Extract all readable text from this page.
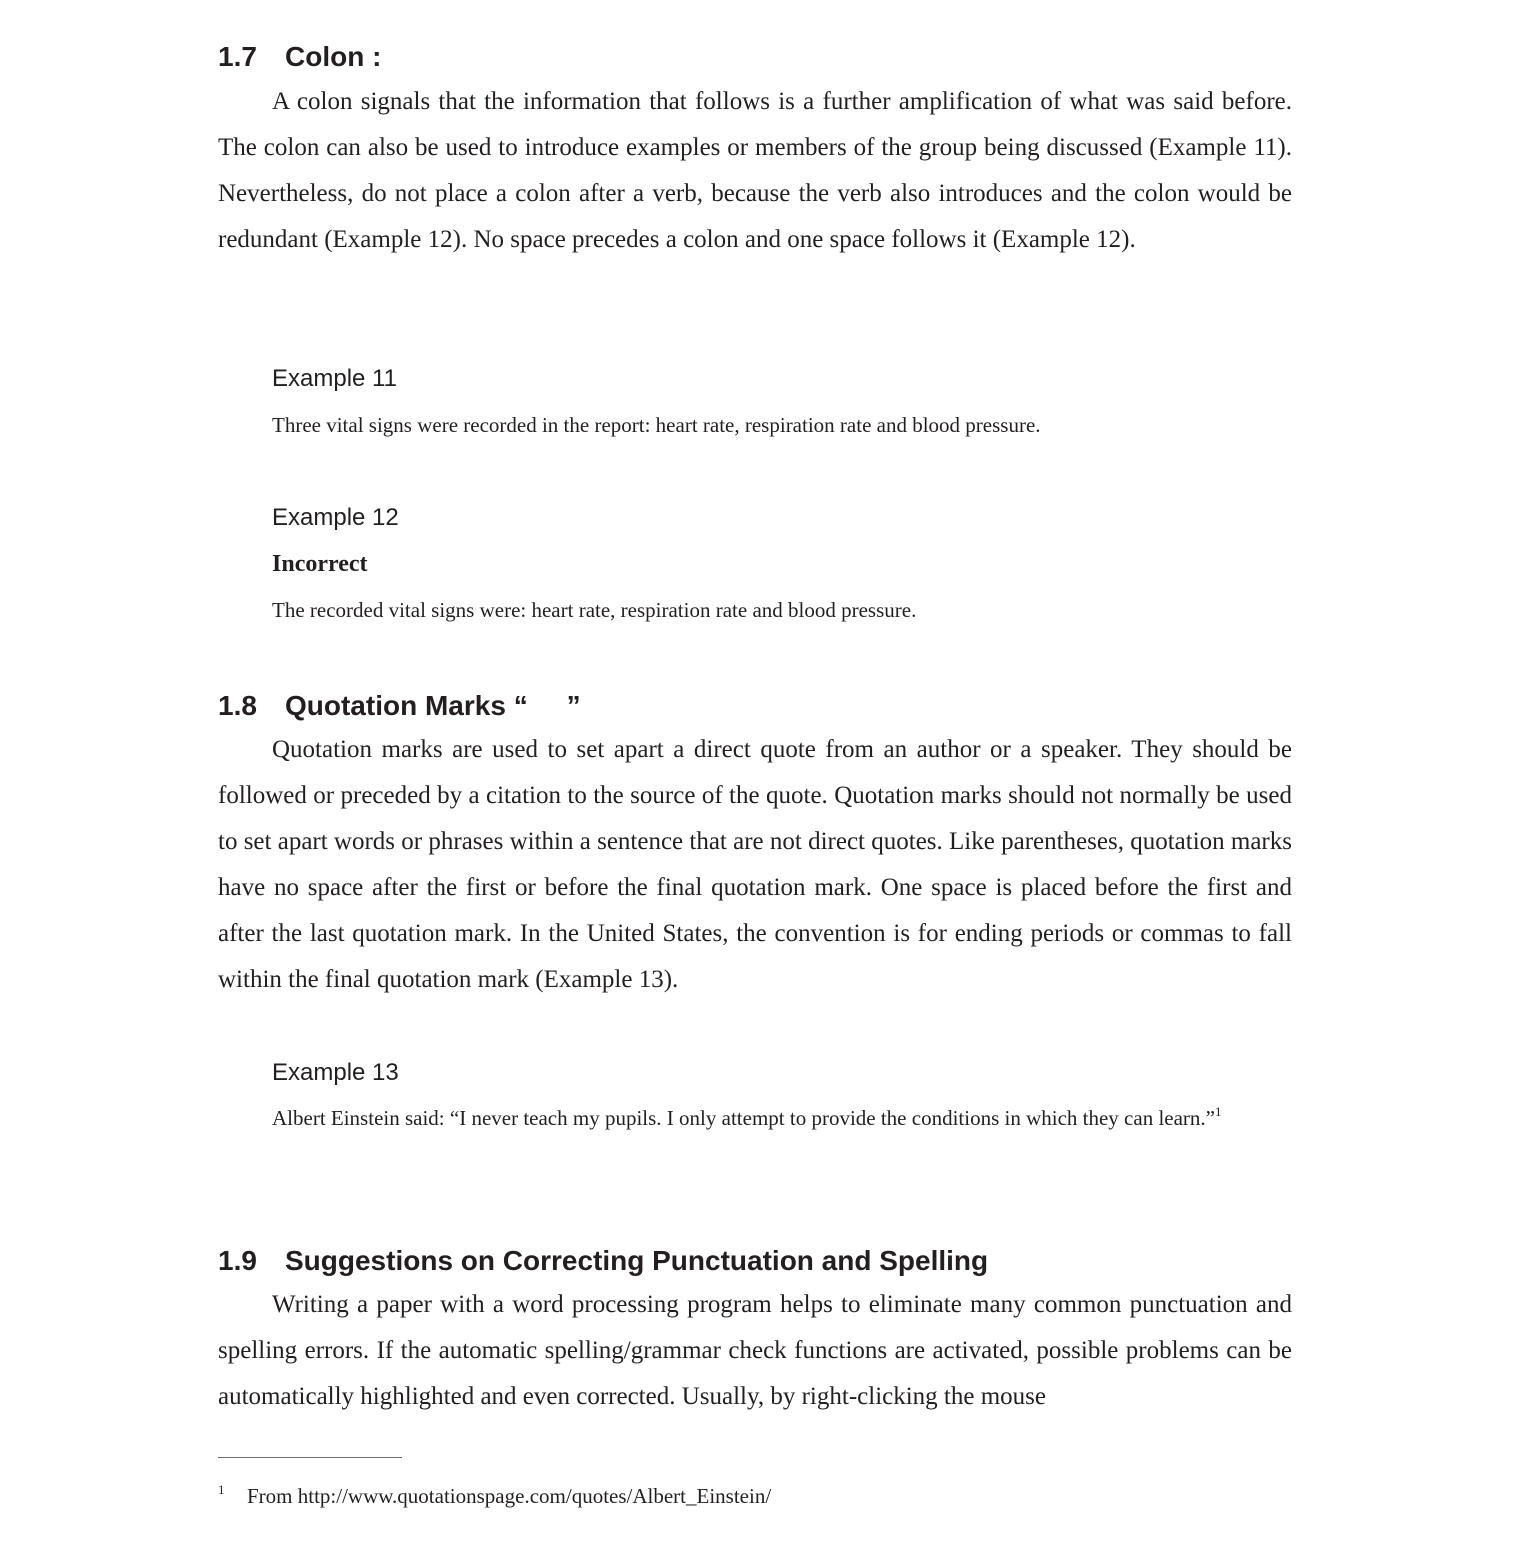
1.7 Colon :

A colon signals that the information that follows is a further amplification of what was said before. The colon can also be used to introduce examples or members of the group being discussed (Example 11). Nevertheless, do not place a colon after a verb, because the verb also introduces and the colon would be redundant (Example 12). No space precedes a colon and one space follows it (Example 12).

Example 11

Three vital signs were recorded in the report: heart rate, respiration rate and blood pressure.

Example 12

Incorrect

The recorded vital signs were: heart rate, respiration rate and blood pressure.

1.8 Quotation Marks “     ”

Quotation marks are used to set apart a direct quote from an author or a speaker. They should be followed or preceded by a citation to the source of the quote. Quotation marks should not normally be used to set apart words or phrases within a sentence that are not direct quotes. Like parentheses, quotation marks have no space after the first or before the final quotation mark. One space is placed before the first and after the last quotation mark. In the United States, the convention is for ending periods or commas to fall within the final quotation mark (Example 13).

Example 13

Albert Einstein said: “I never teach my pupils. I only attempt to provide the conditions in which they can learn.”$^1$

1.9 Suggestions on Correcting Punctuation and Spelling

Writing a paper with a word processing program helps to eliminate many common punctuation and spelling errors. If the automatic spelling/grammar check functions are activated, possible problems can be automatically highlighted and even corrected. Usually, by right-clicking the mouse

1 From http://www.quotationspage.com/quotes/Albert_Einstein/
